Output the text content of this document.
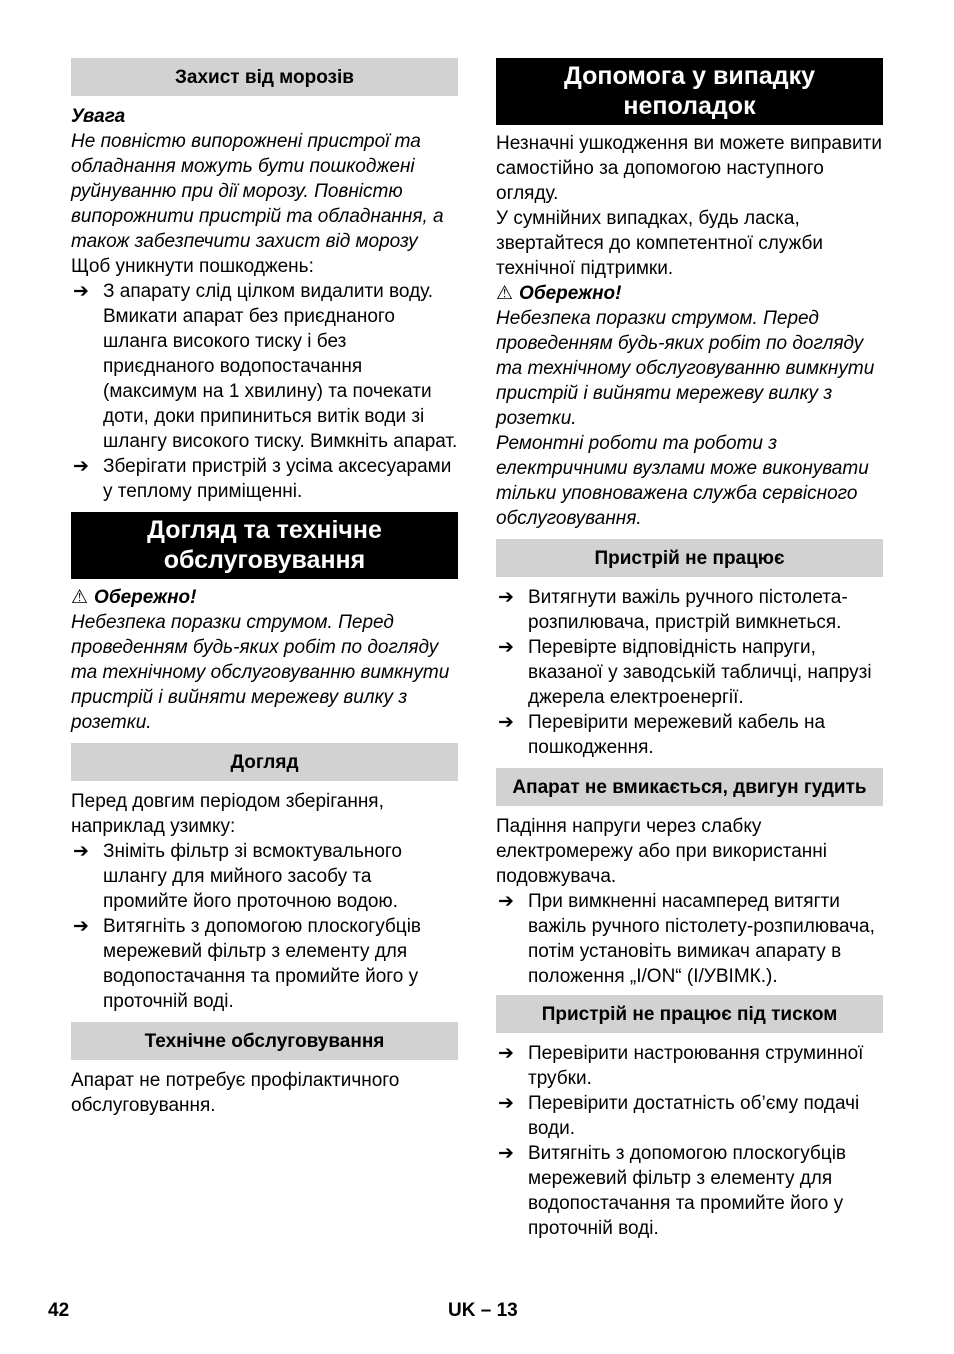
Захист від морозів

Увага

Не повністю випорожнені пристрої та обладнання можуть бути пошкоджені руйнуванню при дії морозу. Повністю випорожнити пристрій та обладнання, а також забезпечити захист від морозу

Щоб уникнути пошкоджень:

➔ З апарату слід цілком видалити воду. Вмикати апарат без приєднаного шланга високого тиску і без приєднаного водопостачання (максимум на 1 хвилину) та почекати доти, доки припиниться витік води зі шлангу високого тиску. Вимкніть апарат.
➔ Зберігати пристрій з усіма аксесуарами у теплому приміщенні.
Догляд та технічне обслуговування

⚠ Обережно!

Небезпека поразки струмом. Перед проведенням будь-яких робіт по догляду та технічному обслуговуванню вимкнути пристрій і вийняти мережеву вилку з розетки.

Догляд

Перед довгим періодом зберігання, наприклад узимку:

➔ Зніміть фільтр зі всмоктувального шлангу для мийного засобу та промийте його проточною водою.
➔ Витягніть з допомогою плоскогубців мережевий фільтр з елементу для водопостачання та промийте його у проточній воді.
Технічне обслуговування

Апарат не потребує профілактичного обслуговування.

Допомога у випадку неполадок

Незначні ушкодження ви можете виправити самостійно за допомогою наступного огляду.

У сумнійних випадках, будь ласка, звертайтеся до компетентної служби технічної підтримки.

⚠ Обережно!

Небезпека поразки струмом. Перед проведенням будь-яких робіт по догляду та технічному обслуговуванню вимкнути пристрій і вийняти мережеву вилку з розетки.

Ремонтні роботи та роботи з електричними вузлами може виконувати тільки уповноважена служба сервісного обслуговування.

Пристрій не працює
➔ Витягнути важіль ручного пістолета-розпилювача, пристрій вимкнеться.
➔ Перевірте відповідність напруги, вказаної у заводській табличці, напрузі джерела електроенергії.
➔ Перевірити мережевий кабель на пошкодження.
Апарат не вмикається, двигун гудить

Падіння напруги через слабку електромережу або при використанні подовжувача.

➔ При вимкненні насамперед витягти важіль ручного пістолету-розпилювача, потім установіть вимикач апарату в положення „I/ON“ (I/УВІМК.).
Пристрій не працює під тиском
➔ Перевірити настроювання струминної трубки.
➔ Перевірити достатність об’єму подачі води.
➔ Витягніть з допомогою плоскогубців мережевий фільтр з елементу для водопостачання та промийте його у проточній воді.
42	UK – 13
